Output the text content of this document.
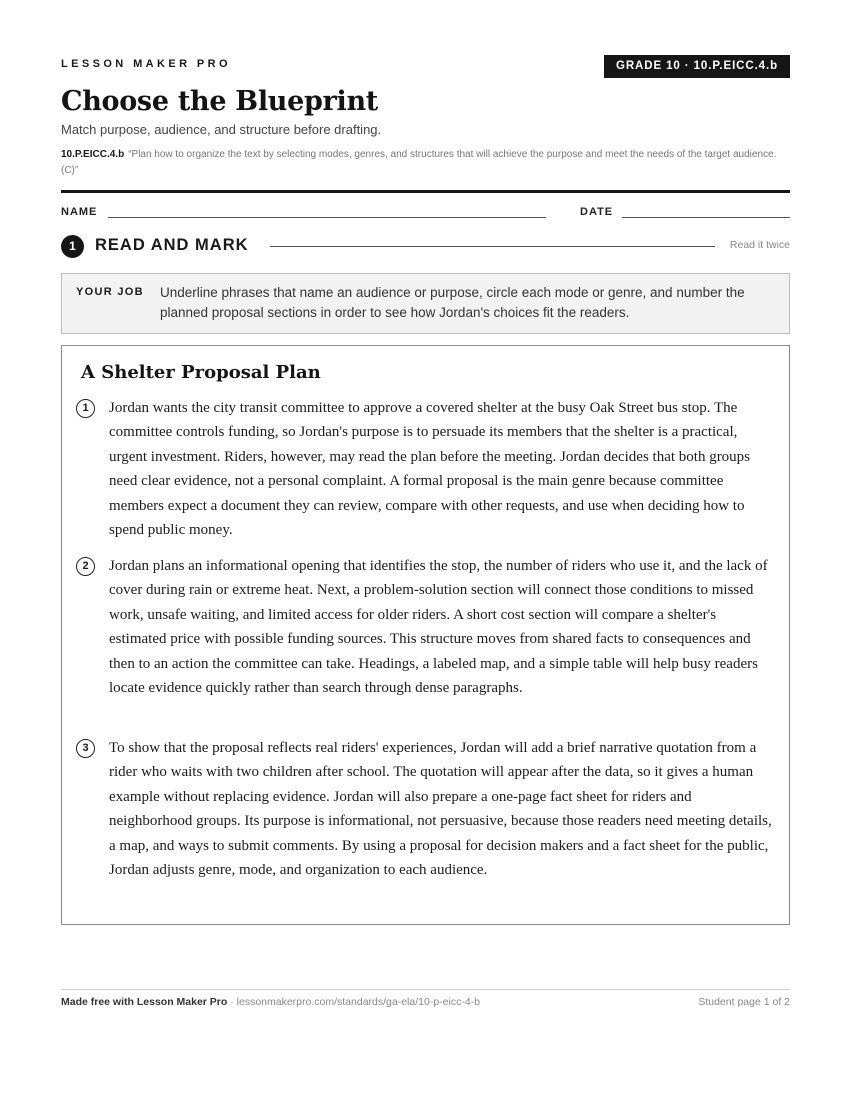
LESSON MAKER PRO	GRADE 10 · 10.P.EICC.4.b
Choose the Blueprint
Match purpose, audience, and structure before drafting.
10.P.EICC.4.b “Plan how to organize the text by selecting modes, genres, and structures that will achieve the purpose and meet the needs of the target audience. (C)”
NAME	DATE
1	READ AND MARK	Read it twice
YOUR JOB Underline phrases that name an audience or purpose, circle each mode or genre, and number the planned proposal sections in order to see how Jordan's choices fit the readers.
A Shelter Proposal Plan
1	Jordan wants the city transit committee to approve a covered shelter at the busy Oak Street bus stop. The committee controls funding, so Jordan's purpose is to persuade its members that the shelter is a practical, urgent investment. Riders, however, may read the plan before the meeting. Jordan decides that both groups need clear evidence, not a personal complaint. A formal proposal is the main genre because committee members expect a document they can review, compare with other requests, and use when deciding how to spend public money.
2	Jordan plans an informational opening that identifies the stop, the number of riders who use it, and the lack of cover during rain or extreme heat. Next, a problem-solution section will connect those conditions to missed work, unsafe waiting, and limited access for older riders. A short cost section will compare a shelter's estimated price with possible funding sources. This structure moves from shared facts to consequences and then to an action the committee can take. Headings, a labeled map, and a simple table will help busy readers locate evidence quickly rather than search through dense paragraphs.
3	To show that the proposal reflects real riders' experiences, Jordan will add a brief narrative quotation from a rider who waits with two children after school. The quotation will appear after the data, so it gives a human example without replacing evidence. Jordan will also prepare a one-page fact sheet for riders and neighborhood groups. Its purpose is informational, not persuasive, because those readers need meeting details, a map, and ways to submit comments. By using a proposal for decision makers and a fact sheet for the public, Jordan adjusts genre, mode, and organization to each audience.
Made free with Lesson Maker Pro · lessonmakerpro.com/standards/ga-ela/10-p-eicc-4-b	Student page 1 of 2
